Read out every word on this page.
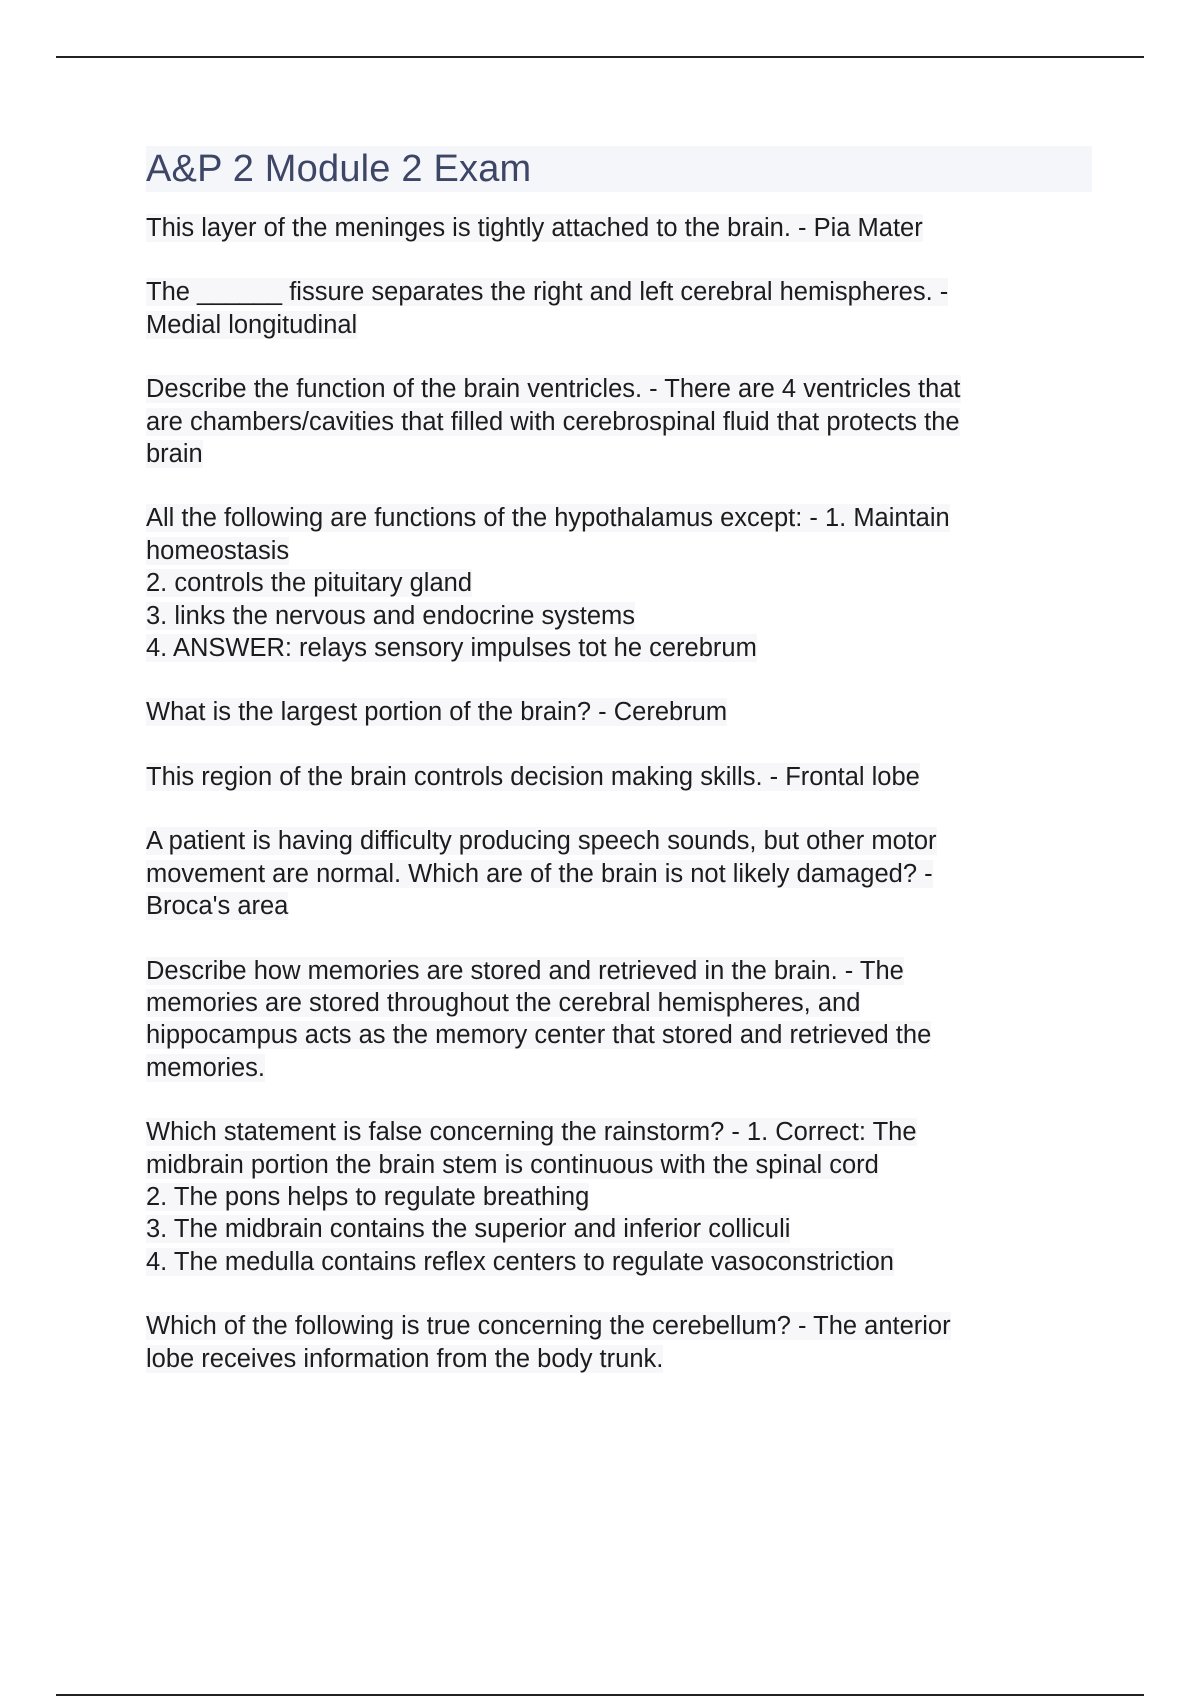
A&P 2 Module 2 Exam

This layer of the meninges is tightly attached to the brain. - Pia Mater

The ______ fissure separates the right and left cerebral hemispheres. -
Medial longitudinal

Describe the function of the brain ventricles. - There are 4 ventricles that
are chambers/cavities that filled with cerebrospinal fluid that protects the
brain

All the following are functions of the hypothalamus except: - 1. Maintain
homeostasis
2. controls the pituitary gland
3. links the nervous and endocrine systems
4. ANSWER: relays sensory impulses tot he cerebrum

What is the largest portion of the brain? - Cerebrum

This region of the brain controls decision making skills. - Frontal lobe

A patient is having difficulty producing speech sounds, but other motor
movement are normal. Which are of the brain is not likely damaged? -
Broca's area

Describe how memories are stored and retrieved in the brain. - The
memories are stored throughout the cerebral hemispheres, and
hippocampus acts as the memory center that stored and retrieved the
memories.

Which statement is false concerning the rainstorm? - 1. Correct: The
midbrain portion the brain stem is continuous with the spinal cord
2. The pons helps to regulate breathing
3. The midbrain contains the superior and inferior colliculi
4. The medulla contains reflex centers to regulate vasoconstriction

Which of the following is true concerning the cerebellum? - The anterior
lobe receives information from the body trunk.
